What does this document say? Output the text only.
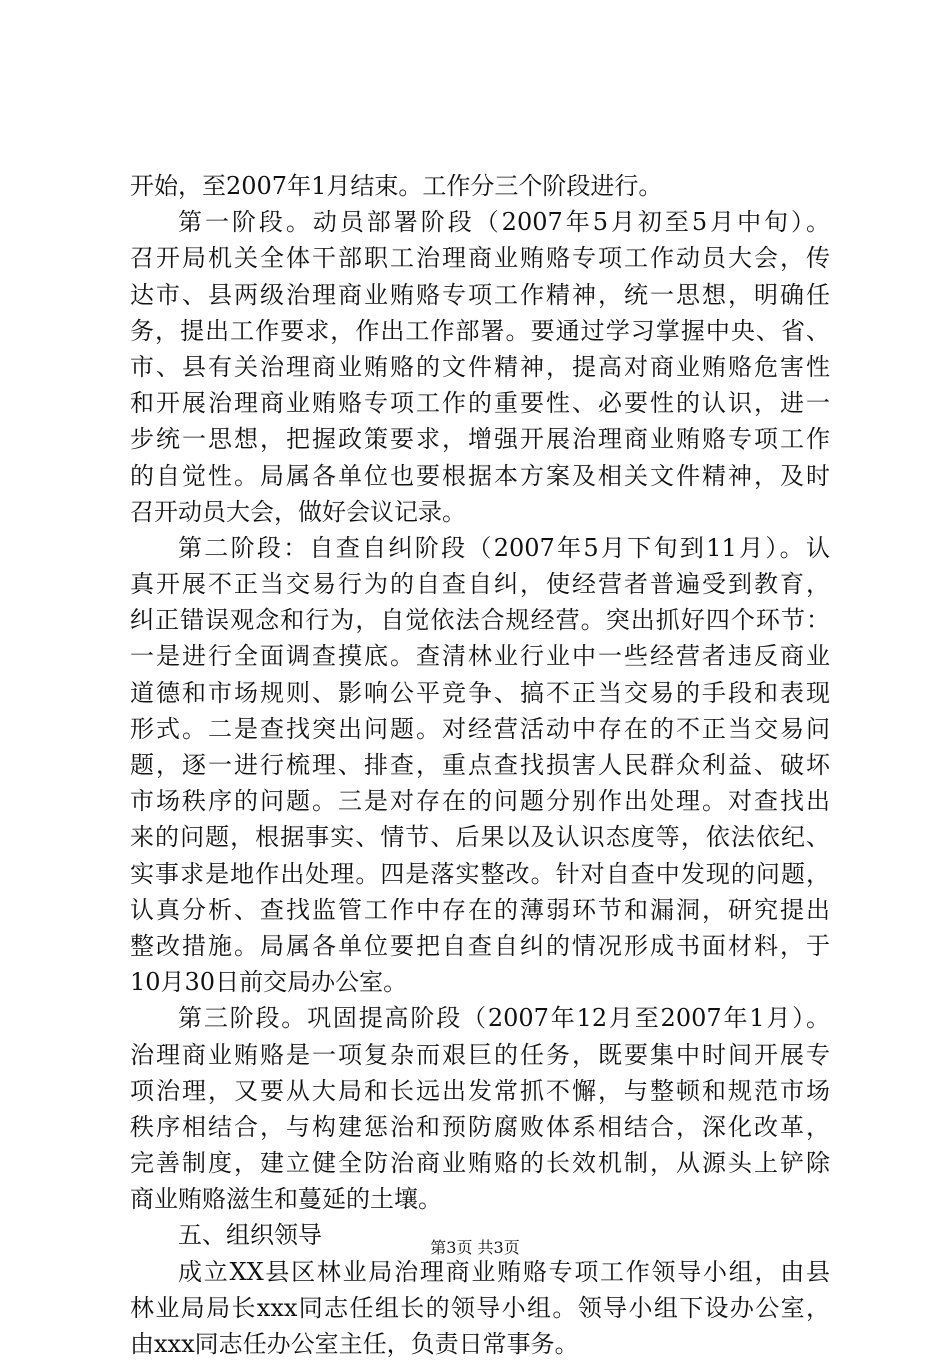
开始，至2007年1月结束。工作分三个阶段进行。
第一阶段。动员部署阶段（2007年5月初至5月中旬）。
召开局机关全体干部职工治理商业贿赂专项工作动员大会，传
达市、县两级治理商业贿赂专项工作精神，统一思想，明确任
务，提出工作要求，作出工作部署。要通过学习掌握中央、省、
市、县有关治理商业贿赂的文件精神，提高对商业贿赂危害性
和开展治理商业贿赂专项工作的重要性、必要性的认识，进一
步统一思想，把握政策要求，增强开展治理商业贿赂专项工作
的自觉性。局属各单位也要根据本方案及相关文件精神，及时
召开动员大会，做好会议记录。
第二阶段：自查自纠阶段（2007年5月下旬到11月）。认
真开展不正当交易行为的自查自纠，使经营者普遍受到教育，
纠正错误观念和行为，自觉依法合规经营。突出抓好四个环节：
一是进行全面调查摸底。查清林业行业中一些经营者违反商业
道德和市场规则、影响公平竞争、搞不正当交易的手段和表现
形式。二是查找突出问题。对经营活动中存在的不正当交易问
题，逐一进行梳理、排查，重点查找损害人民群众利益、破坏
市场秩序的问题。三是对存在的问题分别作出处理。对查找出
来的问题，根据事实、情节、后果以及认识态度等，依法依纪、
实事求是地作出处理。四是落实整改。针对自查中发现的问题，
认真分析、查找监管工作中存在的薄弱环节和漏洞，研究提出
整改措施。局属各单位要把自查自纠的情况形成书面材料，于
10月30日前交局办公室。
第三阶段。巩固提高阶段（2007年12月至2007年1月）。
治理商业贿赂是一项复杂而艰巨的任务，既要集中时间开展专
项治理，又要从大局和长远出发常抓不懈，与整顿和规范市场
秩序相结合，与构建惩治和预防腐败体系相结合，深化改革，
完善制度，建立健全防治商业贿赂的长效机制，从源头上铲除
商业贿赂滋生和蔓延的土壤。
五、组织领导
成立XX县区林业局治理商业贿赂专项工作领导小组，由县
林业局局长xxx同志任组长的领导小组。领导小组下设办公室，
由xxx同志任办公室主任，负责日常事务。
第3页 共3页
